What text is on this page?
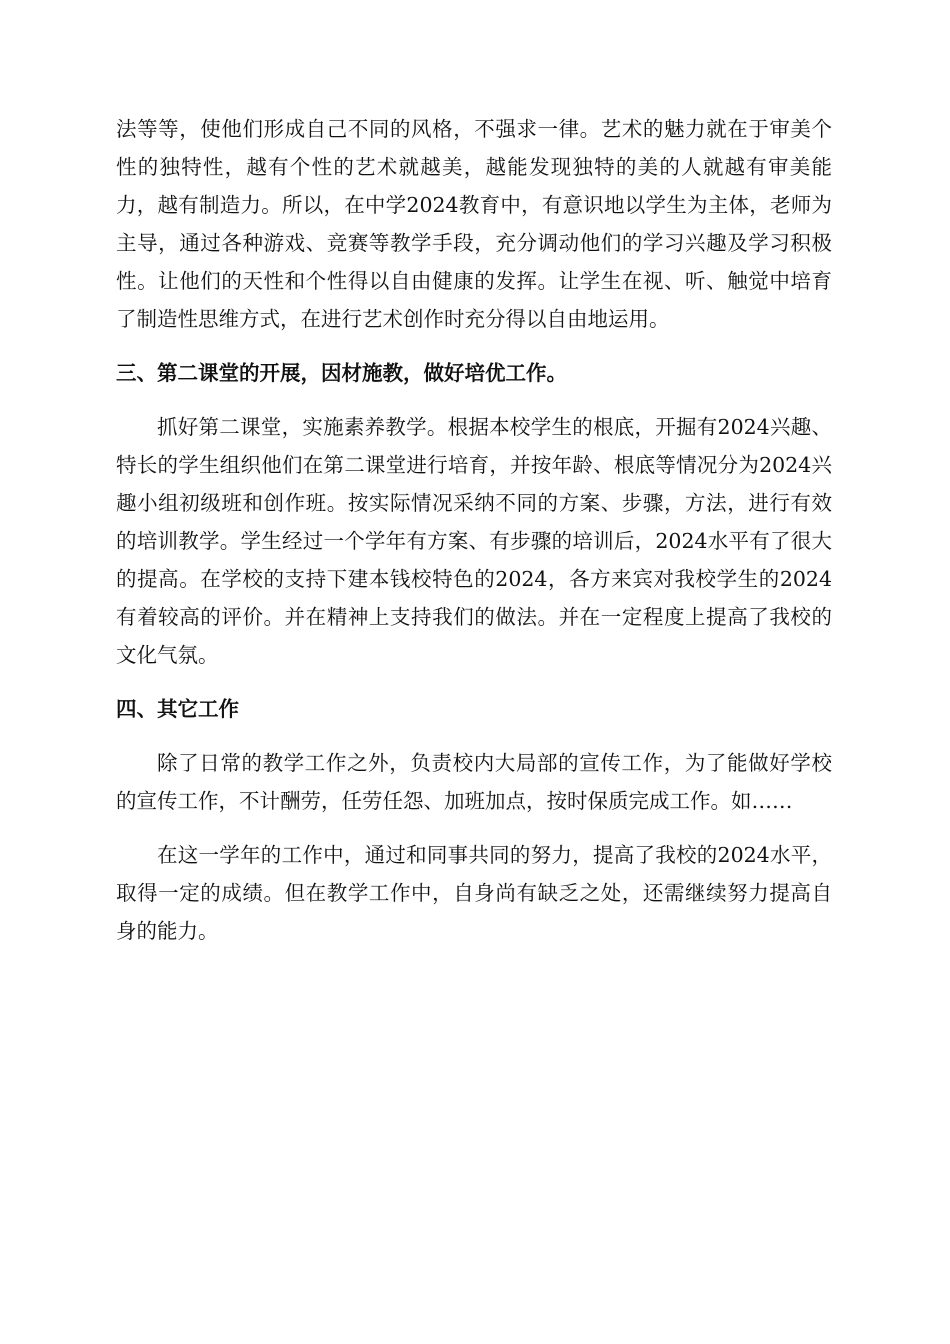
法等等，使他们形成自己不同的风格，不强求一律。艺术的魅力就在于审美个性的独特性，越有个性的艺术就越美，越能发现独特的美的人就越有审美能力，越有制造力。所以，在中学2024教育中，有意识地以学生为主体，老师为主导，通过各种游戏、竞赛等教学手段，充分调动他们的学习兴趣及学习积极性。让他们的天性和个性得以自由健康的发挥。让学生在视、听、触觉中培育了制造性思维方式，在进行艺术创作时充分得以自由地运用。

三、第二课堂的开展，因材施教，做好培优工作。

抓好第二课堂，实施素养教学。根据本校学生的根底，开掘有2024兴趣、特长的学生组织他们在第二课堂进行培育，并按年龄、根底等情况分为2024兴趣小组初级班和创作班。按实际情况采纳不同的方案、步骤，方法，进行有效的培训教学。学生经过一个学年有方案、有步骤的培训后，2024水平有了很大的提高。在学校的支持下建本钱校特色的2024，各方来宾对我校学生的2024有着较高的评价。并在精神上支持我们的做法。并在一定程度上提高了我校的文化气氛。

四、其它工作

除了日常的教学工作之外，负责校内大局部的宣传工作，为了能做好学校的宣传工作，不计酬劳，任劳任怨、加班加点，按时保质完成工作。如……

在这一学年的工作中，通过和同事共同的努力，提高了我校的2024水平，取得一定的成绩。但在教学工作中，自身尚有缺乏之处，还需继续努力提高自身的能力。
